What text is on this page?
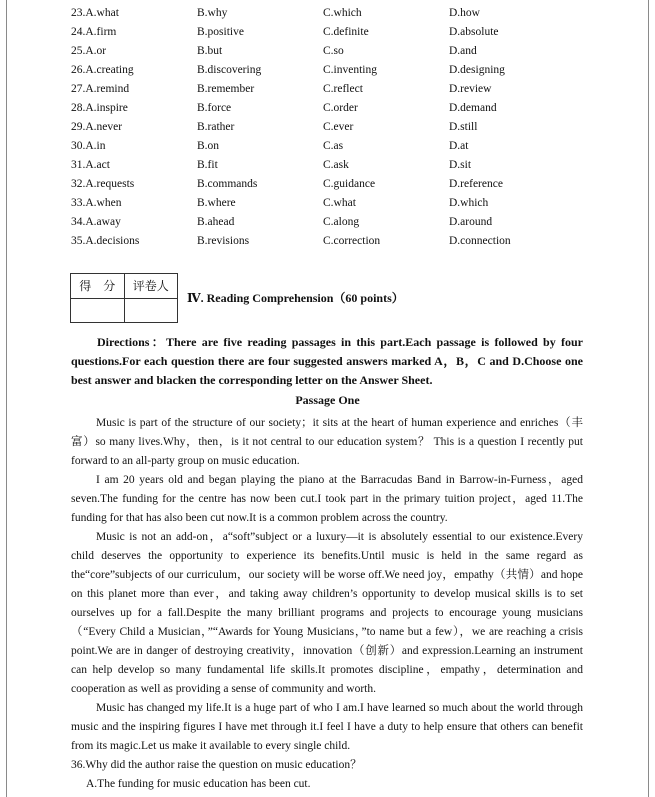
23.A.what	B.why	C.which	D.how
24.A.firm	B.positive	C.definite	D.absolute
25.A.or	B.but	C.so	D.and
26.A.creating	B.discovering	C.inventing	D.designing
27.A.remind	B.remember	C.reflect	D.review
28.A.inspire	B.force	C.order	D.demand
29.A.never	B.rather	C.ever	D.still
30.A.in	B.on	C.as	D.at
31.A.act	B.fit	C.ask	D.sit
32.A.requests	B.commands	C.guidance	D.reference
33.A.when	B.where	C.what	D.which
34.A.away	B.ahead	C.along	D.around
35.A.decisions	B.revisions	C.correction	D.connection
得　分	评卷人

Ⅳ. Reading Comprehension（60 points）

Directions：There are five reading passages in this part.Each passage is followed by four questions.For each question there are four suggested answers marked A，B，C and D.Choose one best answer and blacken the corresponding letter on the Answer Sheet.

Passage One

Music is part of the structure of our society；it sits at the heart of human experience and enriches（丰富）so many lives.Why，then，is it not central to our education system？ This is a question I recently put forward to an all-party group on music education.

I am 20 years old and began playing the piano at the Barracudas Band in Barrow-in-Furness，aged seven.The funding for the centre has now been cut.I took part in the primary tuition project，aged 11.The funding for that has also been cut now.It is a common problem across the country.

Music is not an add-on，a“soft”subject or a luxury—it is absolutely essential to our existence.Every child deserves the opportunity to experience its benefits.Until music is held in the same regard as the“core”subjects of our curriculum，our society will be worse off.We need joy，empathy（共情）and hope on this planet more than ever，and taking away children’s opportunity to develop musical skills is to set ourselves up for a fall.Despite the many brilliant programs and projects to encourage young musicians（“Every Child a Musician，”“Awards for Young Musicians，”to name but a few），we are reaching a crisis point.We are in danger of destroying creativity，innovation（创新）and expression.Learning an instrument can help develop so many fundamental life skills.It promotes discipline，empathy，determination and cooperation as well as providing a sense of community and worth.

Music has changed my life.It is a huge part of who I am.I have learned so much about the world through music and the inspiring figures I have met through it.I feel I have a duty to help ensure that others can benefit from its magic.Let us make it available to every single child.

36.Why did the author raise the question on music education？

A.The funding for music education has been cut.
